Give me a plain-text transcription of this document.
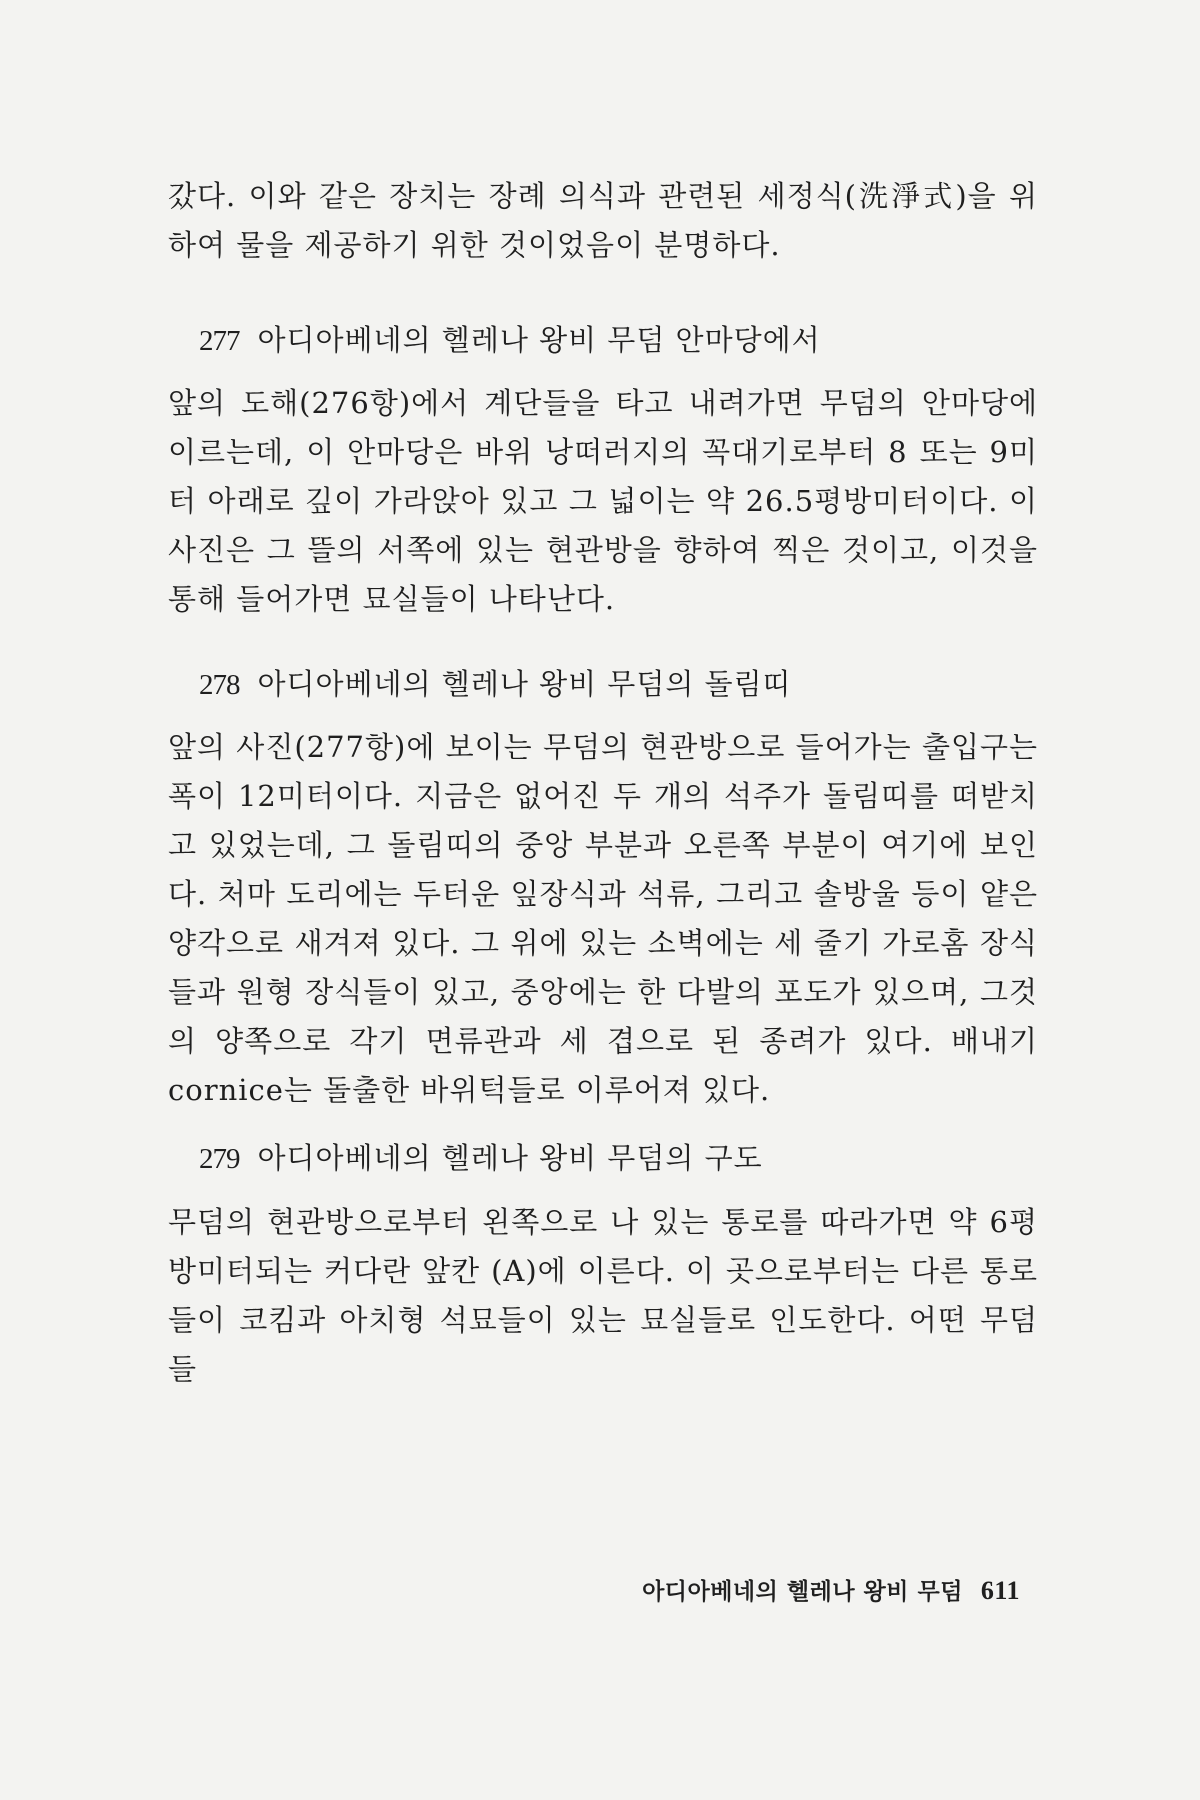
갔다. 이와 같은 장치는 장례 의식과 관련된 세정식(洗淨式)을 위하여 물을 제공하기 위한 것이었음이 분명하다.

277 아디아베네의 헬레나 왕비 무덤 안마당에서

앞의 도해(276항)에서 계단들을 타고 내려가면 무덤의 안마당에 이르는데, 이 안마당은 바위 낭떠러지의 꼭대기로부터 8 또는 9미터 아래로 깊이 가라앉아 있고 그 넓이는 약 26.5평방미터이다. 이 사진은 그 뜰의 서쪽에 있는 현관방을 향하여 찍은 것이고, 이것을 통해 들어가면 묘실들이 나타난다.

278 아디아베네의 헬레나 왕비 무덤의 돌림띠

앞의 사진(277항)에 보이는 무덤의 현관방으로 들어가는 출입구는 폭이 12미터이다. 지금은 없어진 두 개의 석주가 돌림띠를 떠받치고 있었는데, 그 돌림띠의 중앙 부분과 오른쪽 부분이 여기에 보인다. 처마 도리에는 두터운 잎장식과 석류, 그리고 솔방울 등이 얕은 양각으로 새겨져 있다. 그 위에 있는 소벽에는 세 줄기 가로홈 장식들과 원형 장식들이 있고, 중앙에는 한 다발의 포도가 있으며, 그것의 양쪽으로 각기 면류관과 세 겹으로 된 종려가 있다. 배내기 cornice는 돌출한 바위턱들로 이루어져 있다.

279 아디아베네의 헬레나 왕비 무덤의 구도

무덤의 현관방으로부터 왼쪽으로 나 있는 통로를 따라가면 약 6평방미터되는 커다란 앞칸 (A)에 이른다. 이 곳으로부터는 다른 통로들이 코킴과 아치형 석묘들이 있는 묘실들로 인도한다. 어떤 무덤들

아디아베네의 헬레나 왕비 무덤 611
